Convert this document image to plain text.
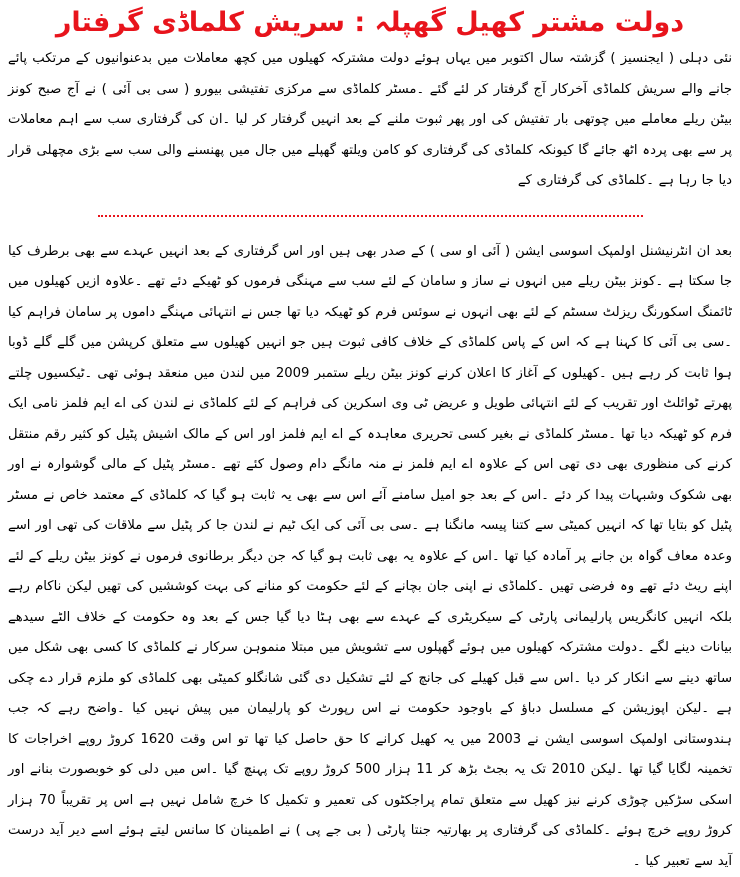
دولت مشتر کھیل گھپلہ : سریش کلماڈی گرفتار

نئی دہلی ( ایجنسیز ) گزشتہ سال اکتوبر میں یہاں ہوئے دولت مشترکہ کھیلوں میں کچھ معاملات میں بدعنوانیوں کے مرتکب پائے جانے والے سریش کلماڈی آخرکار آج گرفتار کر لئے گئے ۔مسٹر کلماڈی سے مرکزی تفتیشی بیورو ( سی بی آئی ) نے آج صبح کونز بیٹن ریلے معاملے میں چوتھی بار تفتیش کی اور پھر ثبوت ملنے کے بعد انہیں گرفتار کر لیا ۔ان کی گرفتاری سب سے اہم معاملات پر سے بھی پردہ اٹھ جائے گا کیونکہ کلماڈی کی گرفتاری کو کامن ویلتھ گھپلے میں جال میں پھنسنے والی سب سے بڑی مچھلی قرار دیا جا رہا ہے ۔کلماڈی کی گرفتاری کے

بعد ان انٹرنیشنل اولمپک اسوسی ایشن ( آئی او سی ) کے صدر بھی ہیں اور اس گرفتاری کے بعد انہیں عہدے سے بھی برطرف کیا جا سکتا ہے ۔کونز بیٹن ریلے میں انہوں نے ساز و سامان کے لئے سب سے مہنگی فرموں کو ٹھیکے دئے تھے ۔علاوہ ازیں کھیلوں میں ٹائمنگ اسکورنگ ریزلٹ سسٹم کے لئے بھی انہوں نے سوئس فرم کو ٹھیکہ دیا تھا جس نے انتہائی مہنگے داموں پر سامان فراہم کیا ۔سی بی آئی کا کہنا ہے کہ اس کے پاس کلماڈی کے خلاف کافی ثبوت ہیں جو انہیں کھیلوں سے متعلق کرپشن میں گلے گلے ڈوبا ہوا ثابت کر رہے ہیں ۔کھیلوں کے آغاز کا اعلان کرنے کونز بیٹن ریلے ستمبر 2009 میں لندن میں منعقد ہوئی تھی ۔ٹیکسیوں چلتے پھرتے ٹوائلٹ اور تقریب کے لئے انتہائی طویل و عریض ٹی وی اسکرین کی فراہم کے لئے کلماڈی نے لندن کی اے ایم فلمز نامی ایک فرم کو ٹھیکہ دیا تھا ۔مسٹر کلماڈی نے بغیر کسی تحریری معاہدہ کے اے ایم فلمز اور اس کے مالک اشیش پٹیل کو کثیر رقم منتقل کرنے کی منظوری بھی دی تھی اس کے علاوہ اے ایم فلمز نے منہ مانگے دام وصول کئے تھے ۔مسٹر پٹیل کے مالی گوشوارہ نے اور بھی شکوک وشبہات پیدا کر دئے ۔اس کے بعد جو امیل سامنے آئے اس سے بھی یہ ثابت ہو گیا کہ کلماڈی کے معتمد خاص نے مسٹر پٹیل کو بتایا تھا کہ انہیں کمیٹی سے کتنا پیسہ مانگنا ہے ۔سی بی آئی کی ایک ٹیم نے لندن جا کر پٹیل سے ملاقات کی تھی اور اسے وعدہ معاف گواہ بن جانے پر آمادہ کیا تھا ۔اس کے علاوہ یہ بھی ثابت ہو گیا کہ جن دیگر برطانوی فرموں نے کونز بیٹن ریلے کے لئے اپنے ریٹ دئے تھے وہ فرضی تھیں ۔کلماڈی نے اپنی جان بچانے کے لئے حکومت کو منانے کی بہت کوششیں کی تھیں لیکن ناکام رہے بلکہ انہیں کانگریس پارلیمانی پارٹی کے سیکریٹری کے عہدے سے بھی ہٹا دیا گیا جس کے بعد وہ حکومت کے خلاف الٹے سیدھے بیانات دینے لگے ۔دولت مشترکہ کھیلوں میں ہوئے گھپلوں سے تشویش میں مبتلا منموہن سرکار نے کلماڈی کا کسی بھی شکل میں ساتھ دینے سے انکار کر دیا ۔اس سے قبل کھیلے کی جانچ کے لئے تشکیل دی گئی شانگلو کمیٹی بھی کلماڈی کو ملزم قرار دے چکی ہے ۔لیکن اپوزیشن کے مسلسل دباؤ کے باوجود حکومت نے اس رپورٹ کو پارلیمان میں پیش نہیں کیا ۔واضح رہے کہ جب ہندوستانی اولمپک اسوسی ایشن نے 2003 میں یہ کھیل کرانے کا حق حاصل کیا تھا تو اس وقت 1620 کروڑ روپے اخراجات کا تخمینہ لگایا گیا تھا ۔لیکن 2010 تک یہ بجٹ بڑھ کر 11 ہزار 500 کروڑ روپے تک پہنچ گیا ۔اس میں دلی کو خوبصورت بنانے اور اسکی سڑکیں چوڑی کرنے نیز کھیل سے متعلق تمام پراجکٹوں کی تعمیر و تکمیل کا خرچ شامل نہیں ہے اس پر تقریباً 70 ہزار کروڑ روپے خرچ ہوئے ۔کلماڈی کی گرفتاری پر بھارتیہ جنتا پارٹی ( بی جے پی ) نے اطمینان کا سانس لیتے ہوئے اسے دیر آید درست آید سے تعبیر کیا ۔
